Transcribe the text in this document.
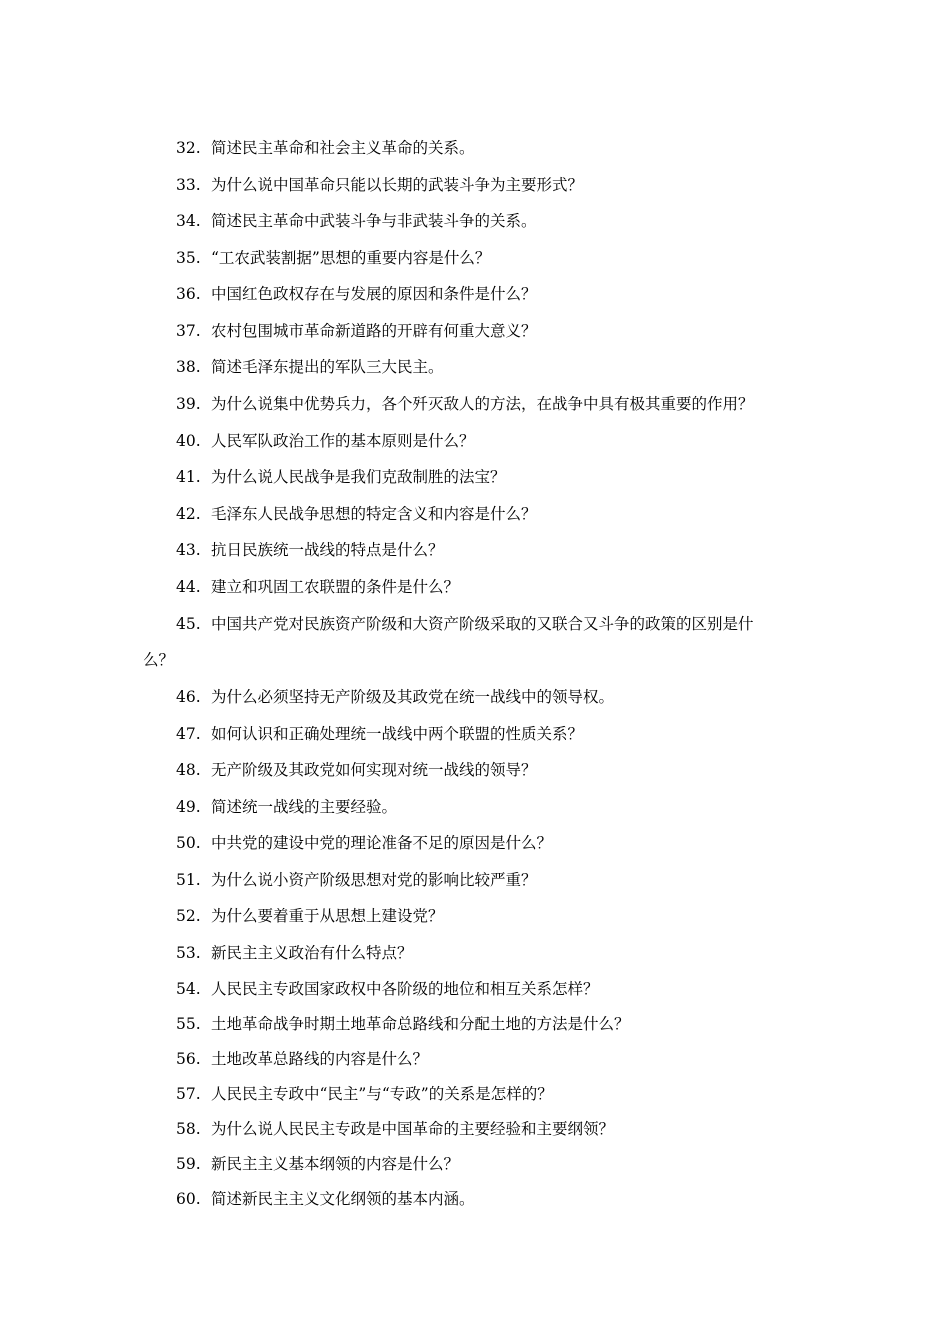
32. 简述民主革命和社会主义革命的关系。
33. 为什么说中国革命只能以长期的武装斗争为主要形式？
34. 简述民主革命中武装斗争与非武装斗争的关系。
35. “工农武装割据”思想的重要内容是什么？
36. 中国红色政权存在与发展的原因和条件是什么？
37. 农村包围城市革命新道路的开辟有何重大意义？
38. 简述毛泽东提出的军队三大民主。
39. 为什么说集中优势兵力，各个歼灭敌人的方法，在战争中具有极其重要的作用？
40. 人民军队政治工作的基本原则是什么？
41. 为什么说人民战争是我们克敌制胜的法宝？
42. 毛泽东人民战争思想的特定含义和内容是什么？
43. 抗日民族统一战线的特点是什么？
44. 建立和巩固工农联盟的条件是什么？
45. 中国共产党对民族资产阶级和大资产阶级采取的又联合又斗争的政策的区别是什
么？
46. 为什么必须坚持无产阶级及其政党在统一战线中的领导权。
47. 如何认识和正确处理统一战线中两个联盟的性质关系？
48. 无产阶级及其政党如何实现对统一战线的领导？
49. 简述统一战线的主要经验。
50. 中共党的建设中党的理论准备不足的原因是什么？
51. 为什么说小资产阶级思想对党的影响比较严重？
52. 为什么要着重于从思想上建设党？
53. 新民主主义政治有什么特点？
54. 人民民主专政国家政权中各阶级的地位和相互关系怎样？
55. 土地革命战争时期土地革命总路线和分配土地的方法是什么？
56. 土地改革总路线的内容是什么？
57. 人民民主专政中“民主”与“专政”的关系是怎样的？
58. 为什么说人民民主专政是中国革命的主要经验和主要纲领？
59. 新民主主义基本纲领的内容是什么？
60. 简述新民主主义文化纲领的基本内涵。
